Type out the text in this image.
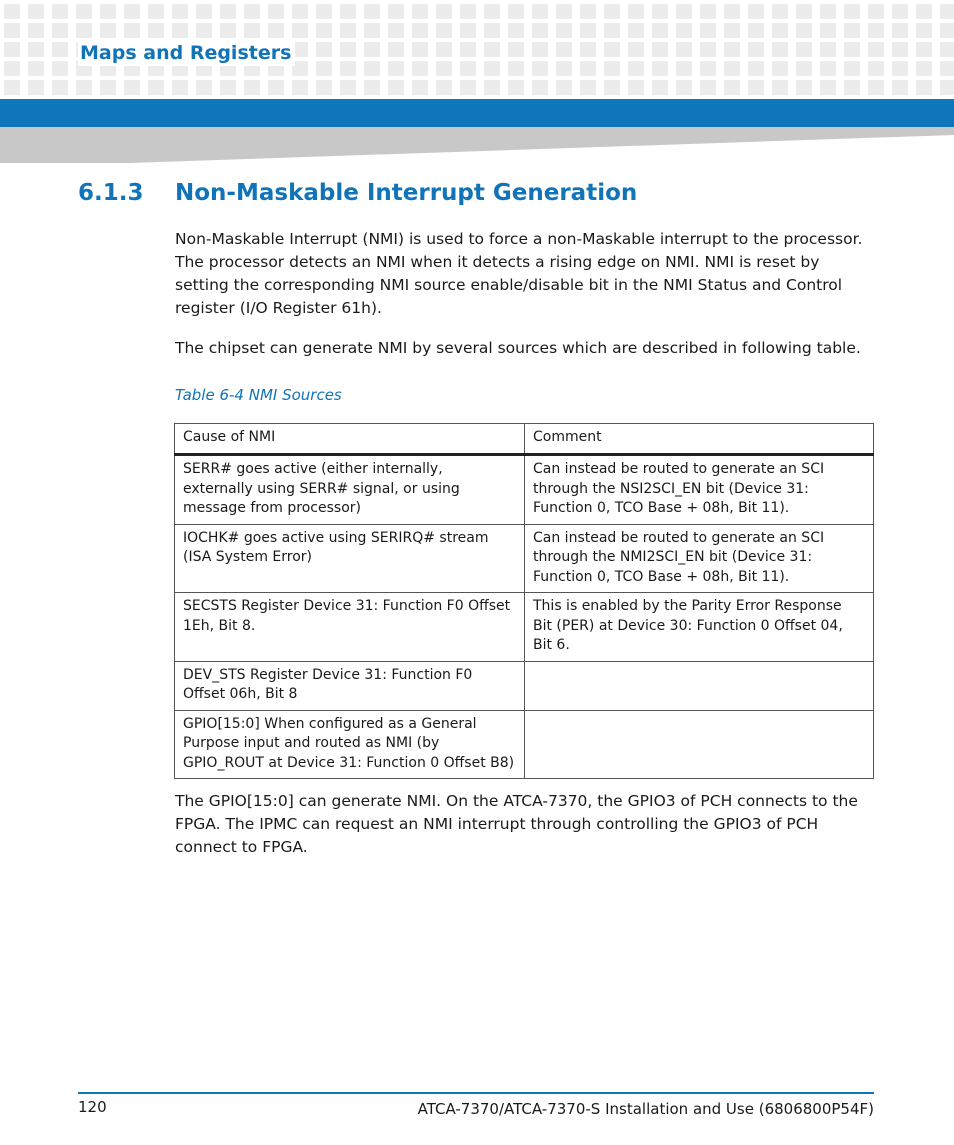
Maps and Registers
6.1.3 Non-Maskable Interrupt Generation
Non-Maskable Interrupt (NMI) is used to force a non-Maskable interrupt to the processor. The processor detects an NMI when it detects a rising edge on NMI. NMI is reset by setting the corresponding NMI source enable/disable bit in the NMI Status and Control register (I/O Register 61h).
The chipset can generate NMI by several sources which are described in following table.
Table 6-4 NMI Sources
Cause of NMI	Comment
SERR# goes active (either internally, externally using SERR# signal, or using message from processor)	Can instead be routed to generate an SCI through the NSI2SCI_EN bit (Device 31: Function 0, TCO Base + 08h, Bit 11).
IOCHK# goes active using SERIRQ# stream (ISA System Error)	Can instead be routed to generate an SCI through the NMI2SCI_EN bit (Device 31: Function 0, TCO Base + 08h, Bit 11).
SECSTS Register Device 31: Function F0 Offset 1Eh, Bit 8.	This is enabled by the Parity Error Response Bit (PER) at Device 30: Function 0 Offset 04, Bit 6.
DEV_STS Register Device 31: Function F0 Offset 06h, Bit 8	
GPIO[15:0] When configured as a General Purpose input and routed as NMI (by GPIO_ROUT at Device 31: Function 0 Offset B8)	
The GPIO[15:0] can generate NMI. On the ATCA-7370, the GPIO3 of PCH connects to the FPGA. The IPMC can request an NMI interrupt through controlling the GPIO3 of PCH connect to FPGA.
120	ATCA-7370/ATCA-7370-S Installation and Use (6806800P54F)
